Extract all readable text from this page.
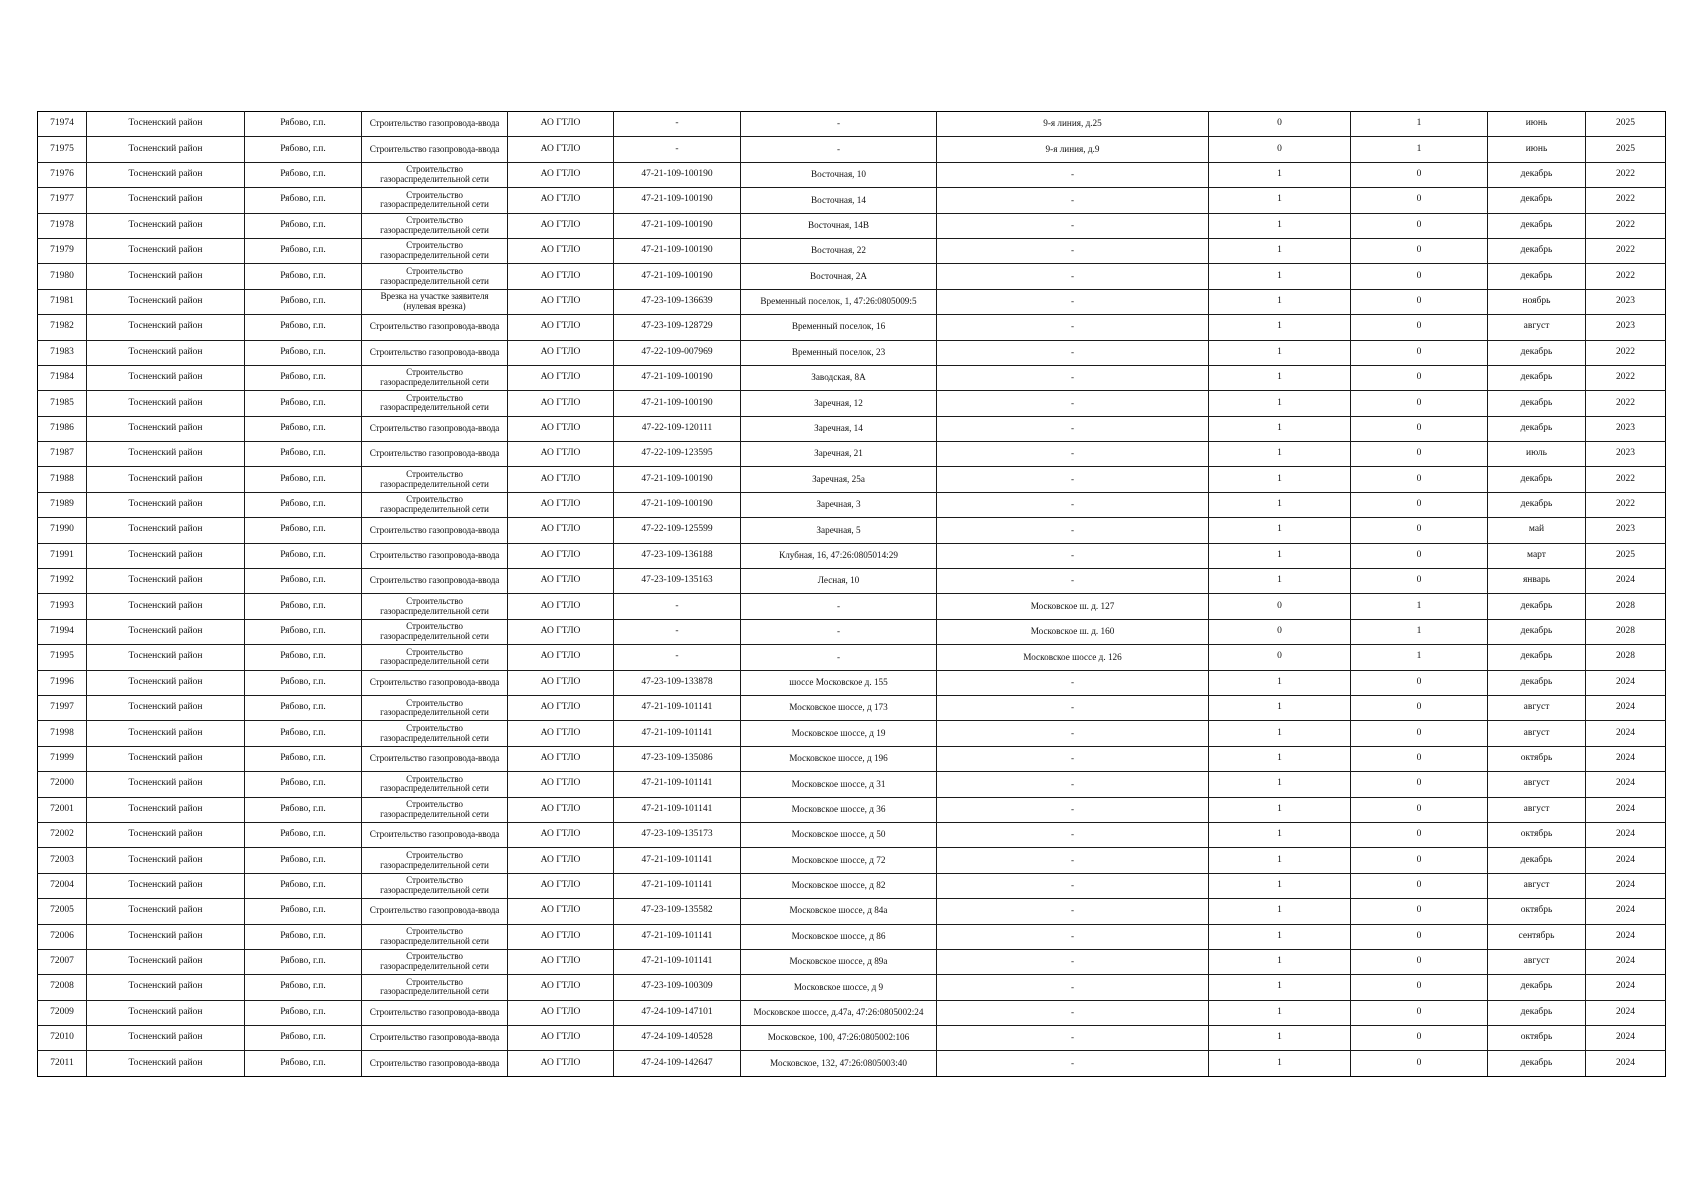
71974	Тосненский район	Рябово, г.п.	Строительство газопровода-ввода	АО ГТЛО	-	-	9-я линия, д.25	0	1	июнь	2025
71975	Тосненский район	Рябово, г.п.	Строительство газопровода-ввода	АО ГТЛО	-	-	9-я линия, д.9	0	1	июнь	2025
71976	Тосненский район	Рябово, г.п.	Строительство газораспределительной сети	АО ГТЛО	47-21-109-100190	Восточная, 10	-	1	0	декабрь	2022
71977	Тосненский район	Рябово, г.п.	Строительство газораспределительной сети	АО ГТЛО	47-21-109-100190	Восточная, 14	-	1	0	декабрь	2022
71978	Тосненский район	Рябово, г.п.	Строительство газораспределительной сети	АО ГТЛО	47-21-109-100190	Восточная, 14В	-	1	0	декабрь	2022
71979	Тосненский район	Рябово, г.п.	Строительство газораспределительной сети	АО ГТЛО	47-21-109-100190	Восточная, 22	-	1	0	декабрь	2022
71980	Тосненский район	Рябово, г.п.	Строительство газораспределительной сети	АО ГТЛО	47-21-109-100190	Восточная, 2А	-	1	0	декабрь	2022
71981	Тосненский район	Рябово, г.п.	Врезка на участке заявителя (нулевая врезка)	АО ГТЛО	47-23-109-136639	Временный поселок, 1, 47:26:0805009:5	-	1	0	ноябрь	2023
71982	Тосненский район	Рябово, г.п.	Строительство газопровода-ввода	АО ГТЛО	47-23-109-128729	Временный поселок, 16	-	1	0	август	2023
71983	Тосненский район	Рябово, г.п.	Строительство газопровода-ввода	АО ГТЛО	47-22-109-007969	Временный поселок, 23	-	1	0	декабрь	2022
71984	Тосненский район	Рябово, г.п.	Строительство газораспределительной сети	АО ГТЛО	47-21-109-100190	Заводская, 8А	-	1	0	декабрь	2022
71985	Тосненский район	Рябово, г.п.	Строительство газораспределительной сети	АО ГТЛО	47-21-109-100190	Заречная, 12	-	1	0	декабрь	2022
71986	Тосненский район	Рябово, г.п.	Строительство газопровода-ввода	АО ГТЛО	47-22-109-120111	Заречная, 14	-	1	0	декабрь	2023
71987	Тосненский район	Рябово, г.п.	Строительство газопровода-ввода	АО ГТЛО	47-22-109-123595	Заречная, 21	-	1	0	июль	2023
71988	Тосненский район	Рябово, г.п.	Строительство газораспределительной сети	АО ГТЛО	47-21-109-100190	Заречная, 25а	-	1	0	декабрь	2022
71989	Тосненский район	Рябово, г.п.	Строительство газораспределительной сети	АО ГТЛО	47-21-109-100190	Заречная, 3	-	1	0	декабрь	2022
71990	Тосненский район	Рябово, г.п.	Строительство газопровода-ввода	АО ГТЛО	47-22-109-125599	Заречная, 5	-	1	0	май	2023
71991	Тосненский район	Рябово, г.п.	Строительство газопровода-ввода	АО ГТЛО	47-23-109-136188	Клубная, 16, 47:26:0805014:29	-	1	0	март	2025
71992	Тосненский район	Рябово, г.п.	Строительство газопровода-ввода	АО ГТЛО	47-23-109-135163	Лесная, 10	-	1	0	январь	2024
71993	Тосненский район	Рябово, г.п.	Строительство газораспределительной сети	АО ГТЛО	-	-	Московское ш. д. 127	0	1	декабрь	2028
71994	Тосненский район	Рябово, г.п.	Строительство газораспределительной сети	АО ГТЛО	-	-	Московское ш. д. 160	0	1	декабрь	2028
71995	Тосненский район	Рябово, г.п.	Строительство газораспределительной сети	АО ГТЛО	-	-	Московское шоссе д. 126	0	1	декабрь	2028
71996	Тосненский район	Рябово, г.п.	Строительство газопровода-ввода	АО ГТЛО	47-23-109-133878	шоссе Московское д. 155	-	1	0	декабрь	2024
71997	Тосненский район	Рябово, г.п.	Строительство газораспределительной сети	АО ГТЛО	47-21-109-101141	Московское шоссе, д 173	-	1	0	август	2024
71998	Тосненский район	Рябово, г.п.	Строительство газораспределительной сети	АО ГТЛО	47-21-109-101141	Московское шоссе, д 19	-	1	0	август	2024
71999	Тосненский район	Рябово, г.п.	Строительство газопровода-ввода	АО ГТЛО	47-23-109-135086	Московское шоссе, д 196	-	1	0	октябрь	2024
72000	Тосненский район	Рябово, г.п.	Строительство газораспределительной сети	АО ГТЛО	47-21-109-101141	Московское шоссе, д 31	-	1	0	август	2024
72001	Тосненский район	Рябово, г.п.	Строительство газораспределительной сети	АО ГТЛО	47-21-109-101141	Московское шоссе, д 36	-	1	0	август	2024
72002	Тосненский район	Рябово, г.п.	Строительство газопровода-ввода	АО ГТЛО	47-23-109-135173	Московское шоссе, д 50	-	1	0	октябрь	2024
72003	Тосненский район	Рябово, г.п.	Строительство газораспределительной сети	АО ГТЛО	47-21-109-101141	Московское шоссе, д 72	-	1	0	декабрь	2024
72004	Тосненский район	Рябово, г.п.	Строительство газораспределительной сети	АО ГТЛО	47-21-109-101141	Московское шоссе, д 82	-	1	0	август	2024
72005	Тосненский район	Рябово, г.п.	Строительство газопровода-ввода	АО ГТЛО	47-23-109-135582	Московское шоссе, д 84а	-	1	0	октябрь	2024
72006	Тосненский район	Рябово, г.п.	Строительство газораспределительной сети	АО ГТЛО	47-21-109-101141	Московское шоссе, д 86	-	1	0	сентябрь	2024
72007	Тосненский район	Рябово, г.п.	Строительство газораспределительной сети	АО ГТЛО	47-21-109-101141	Московское шоссе, д 89а	-	1	0	август	2024
72008	Тосненский район	Рябово, г.п.	Строительство газораспределительной сети	АО ГТЛО	47-23-109-100309	Московское шоссе, д 9	-	1	0	декабрь	2024
72009	Тосненский район	Рябово, г.п.	Строительство газопровода-ввода	АО ГТЛО	47-24-109-147101	Московское шоссе, д.47а, 47:26:0805002:24	-	1	0	декабрь	2024
72010	Тосненский район	Рябово, г.п.	Строительство газопровода-ввода	АО ГТЛО	47-24-109-140528	Московское, 100, 47:26:0805002:106	-	1	0	октябрь	2024
72011	Тосненский район	Рябово, г.п.	Строительство газопровода-ввода	АО ГТЛО	47-24-109-142647	Московское, 132, 47:26:0805003:40	-	1	0	декабрь	2024
